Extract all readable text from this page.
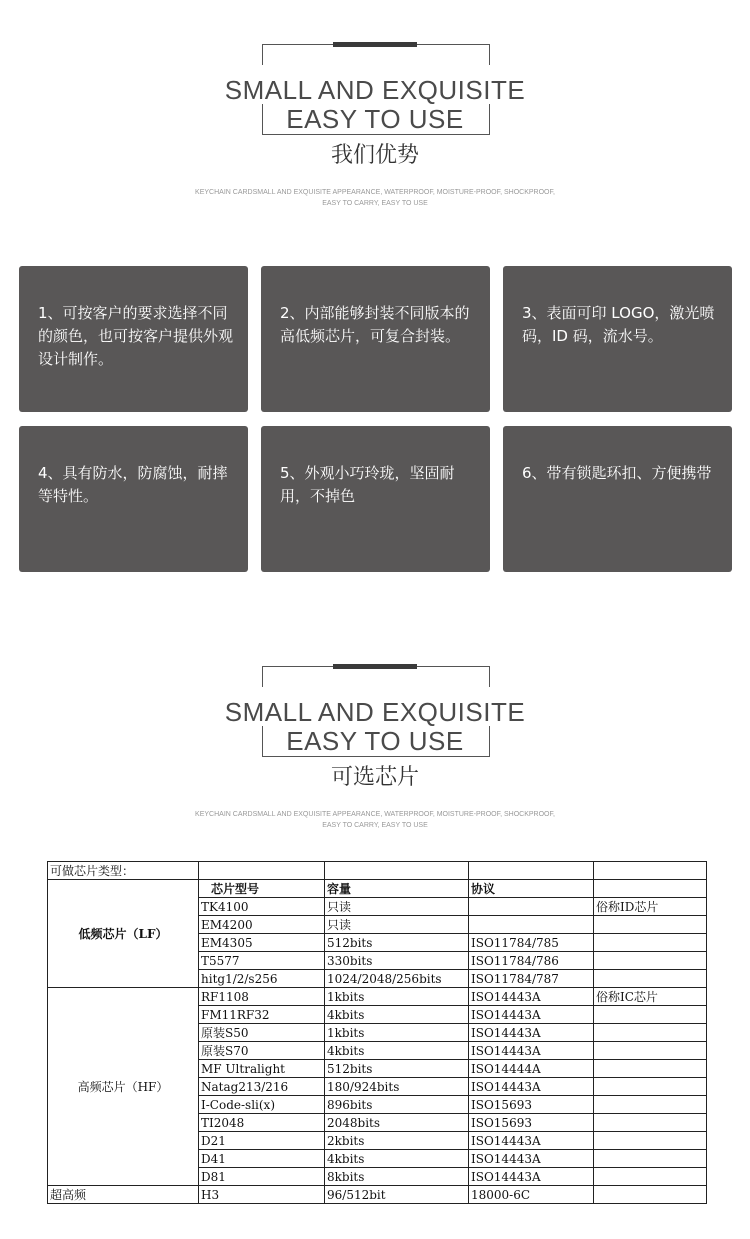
SMALL AND EXQUISITE
EASY TO USE
我们优势
KEYCHAIN CARDSMALL AND EXQUISITE APPEARANCE, WATERPROOF, MOISTURE-PROOF, SHOCKPROOF,
EASY TO CARRY, EASY TO USE
1、可按客户的要求选择不同的颜色，也可按客户提供外观 设计制作。
2、内部能够封装不同版本的高低频芯片，可复合封装。
3、表面可印 LOGO，激光喷码，ID 码，流水号。
4、具有防水，防腐蚀，耐摔等特性。
5、外观小巧玲珑，坚固耐用，不掉色
6、带有锁匙环扣、方便携带
SMALL AND EXQUISITE
EASY TO USE
可选芯片
KEYCHAIN CARDSMALL AND EXQUISITE APPEARANCE, WATERPROOF, MOISTURE-PROOF, SHOCKPROOF,
EASY TO CARRY, EASY TO USE
可做芯片类型：				
低频芯片（LF）	芯片型号	容量	协议	
	TK4100	只读		俗称ID芯片
	EM4200	只读		
	EM4305	512bits	ISO11784/785	
	T5577	330bits	ISO11784/786	
	hitg1/2/s256	1024/2048/256bits	ISO11784/787	
高频芯片（HF）	RF1108	1kbits	ISO14443A	俗称IC芯片
	FM11RF32	4kbits	ISO14443A	
	原装S50	1kbits	ISO14443A	
	原装S70	4kbits	ISO14443A	
	MF Ultralight	512bits	ISO14444A	
	Natag213/216	180/924bits	ISO14443A	
	I-Code-sli(x)	896bits	ISO15693	
	TI2048	2048bits	ISO15693	
	D21	2kbits	ISO14443A	
	D41	4kbits	ISO14443A	
	D81	8kbits	ISO14443A	
超高频	H3	96/512bit	18000-6C	
